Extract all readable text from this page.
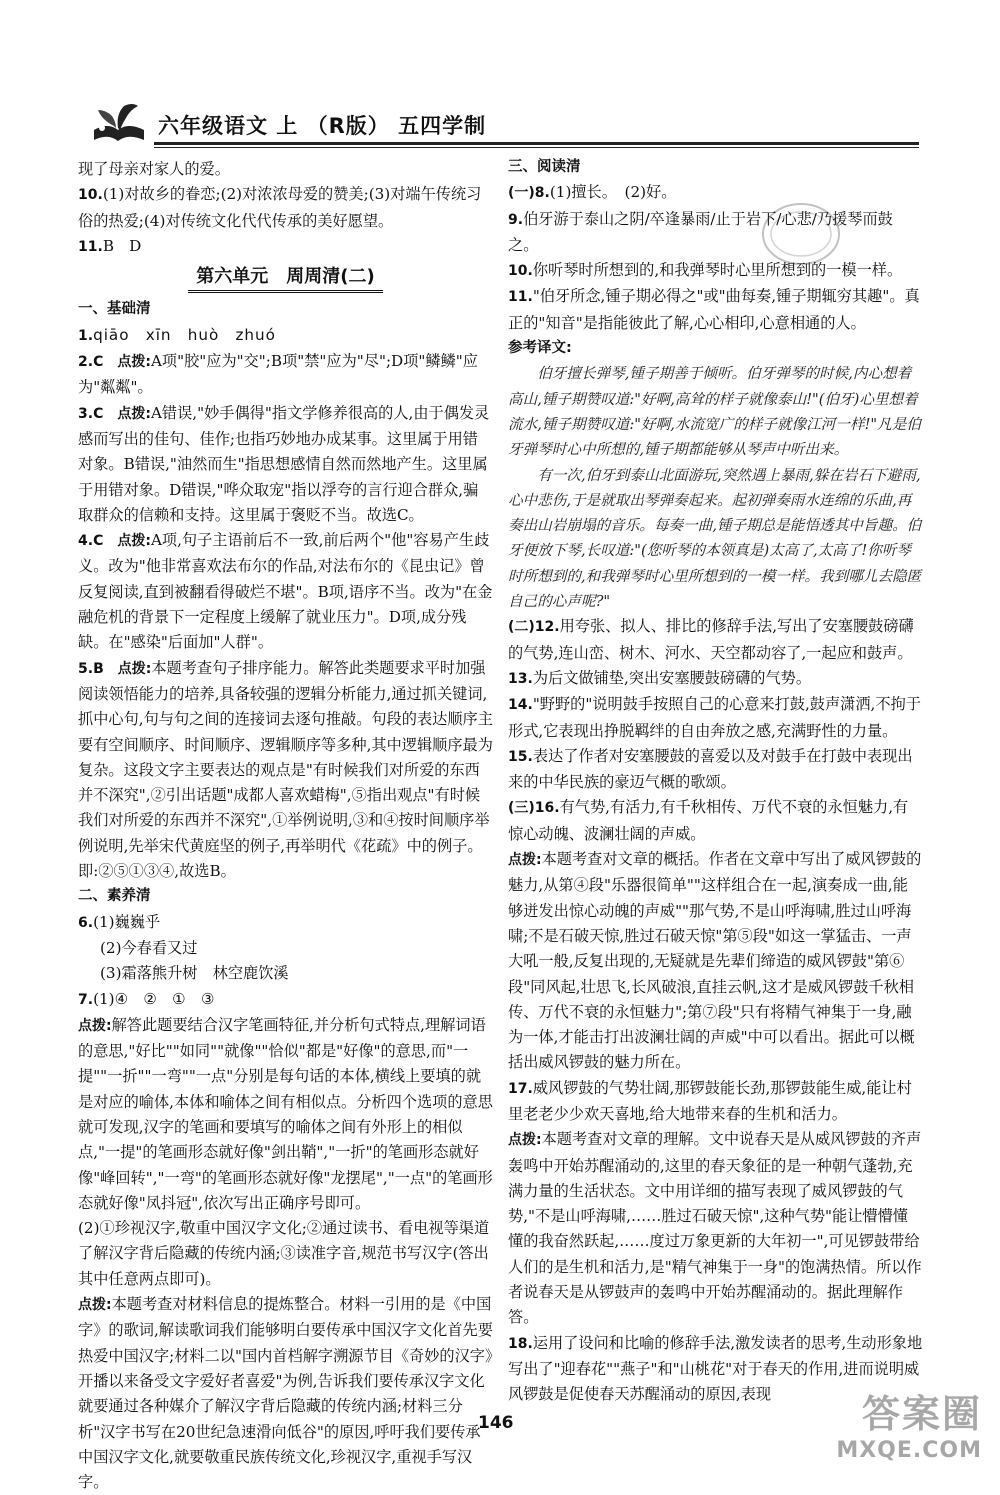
六年级语文 上 （R版） 五四学制

现了母亲对家人的爱。

10.(1)对故乡的眷恋;(2)对浓浓母爱的赞美;(3)对端午传统习俗的热爱;(4)对传统文化代代传承的美好愿望。

11.B　D

第六单元　周周清(二)

一、基础清

1.qiāo　xīn　huò　zhuó

2.C　点拨:A项"胶"应为"交";B项"禁"应为"尽";D项"鳞鳞"应为"粼粼"。

3.C　点拨:A错误,"妙手偶得"指文学修养很高的人,由于偶发灵感而写出的佳句、佳作;也指巧妙地办成某事。这里属于用错对象。B错误,"油然而生"指思想感情自然而然地产生。这里属于用错对象。D错误,"哗众取宠"指以浮夸的言行迎合群众,骗取群众的信赖和支持。这里属于褒贬不当。故选C。

4.C　点拨:A项,句子主语前后不一致,前后两个"他"容易产生歧义。改为"他非常喜欢法布尔的作品,对法布尔的《昆虫记》曾反复阅读,直到被翻看得破烂不堪"。B项,语序不当。改为"在金融危机的背景下一定程度上缓解了就业压力"。D项,成分残缺。在"感染"后面加"人群"。

5.B　点拨:本题考查句子排序能力。解答此类题要求平时加强阅读领悟能力的培养,具备较强的逻辑分析能力,通过抓关键词,抓中心句,句与句之间的连接词去逐句推敲。句段的表达顺序主要有空间顺序、时间顺序、逻辑顺序等多种,其中逻辑顺序最为复杂。这段文字主要表达的观点是"有时候我们对所爱的东西并不深究",②引出话题"成都人喜欢蜡梅",⑤指出观点"有时候我们对所爱的东西并不深究",①举例说明,③和④按时间顺序举例说明,先举宋代黄庭坚的例子,再举明代《花疏》中的例子。即:②⑤①③④,故选B。

二、素养清

6.(1)巍巍乎

(2)今春看又过

(3)霜落熊升树　林空鹿饮溪

7.(1)④　②　①　③

点拨:解答此题要结合汉字笔画特征,并分析句式特点,理解词语的意思,"好比""如同""就像""恰似"都是"好像"的意思,而"一提""一折""一弯""一点"分别是每句话的本体,横线上要填的就是对应的喻体,本体和喻体之间有相似点。分析四个选项的意思就可发现,汉字的笔画和要填写的喻体之间有外形上的相似点,"一提"的笔画形态就好像"剑出鞘","一折"的笔画形态就好像"峰回转","一弯"的笔画形态就好像"龙摆尾","一点"的笔画形态就好像"凤抖冠",依次写出正确序号即可。

(2)①珍视汉字,敬重中国汉字文化;②通过读书、看电视等渠道了解汉字背后隐藏的传统内涵;③读准字音,规范书写汉字(答出其中任意两点即可)。

点拨:本题考查对材料信息的提炼整合。材料一引用的是《中国字》的歌词,解读歌词我们能够明白要传承中国汉字文化首先要热爱中国汉字;材料二以"国内首档解字溯源节目《奇妙的汉字》开播以来备受文字爱好者喜爱"为例,告诉我们要传承汉字文化就要通过各种媒介了解汉字背后隐藏的传统内涵;材料三分析"汉字书写在20世纪急速滑向低谷"的原因,呼吁我们要传承中国汉字文化,就要敬重民族传统文化,珍视汉字,重视手写汉字。

三、阅读清

(一)8.(1)擅长。　(2)好。

9.伯牙游于泰山之阴/卒逢暴雨/止于岩下/心悲/乃援琴而鼓之。

10.你听琴时所想到的,和我弹琴时心里所想到的一模一样。

11."伯牙所念,锺子期必得之"或"曲每奏,锺子期辄穷其趣"。真正的"知音"是指能彼此了解,心心相印,心意相通的人。

参考译文:

伯牙擅长弹琴,锺子期善于倾听。伯牙弹琴的时候,内心想着高山,锺子期赞叹道:"好啊,高耸的样子就像泰山!"(伯牙)心里想着流水,锺子期赞叹道:"好啊,水流宽广的样子就像江河一样!"凡是伯牙弹琴时心中所想的,锺子期都能够从琴声中听出来。

有一次,伯牙到泰山北面游玩,突然遇上暴雨,躲在岩石下避雨,心中悲伤,于是就取出琴弹奏起来。起初弹奏雨水连绵的乐曲,再奏出山岩崩塌的音乐。每奏一曲,锺子期总是能悟透其中旨趣。伯牙便放下琴,长叹道:"(您听琴的本领真是)太高了,太高了!你听琴时所想到的,和我弹琴时心里所想到的一模一样。我到哪儿去隐匿自己的心声呢?"

(二)12.用夸张、拟人、排比的修辞手法,写出了安塞腰鼓磅礴的气势,连山峦、树木、河水、天空都动容了,一起应和鼓声。

13.为后文做铺垫,突出安塞腰鼓磅礴的气势。

14."野野的"说明鼓手按照自己的心意来打鼓,鼓声潇洒,不拘于形式,它表现出挣脱羁绊的自由奔放之感,充满野性的力量。

15.表达了作者对安塞腰鼓的喜爱以及对鼓手在打鼓中表现出来的中华民族的豪迈气概的歌颂。

(三)16.有气势,有活力,有千秋相传、万代不衰的永恒魅力,有惊心动魄、波澜壮阔的声威。

点拨:本题考查对文章的概括。作者在文章中写出了威风锣鼓的魅力,从第④段"乐器很简单""这样组合在一起,演奏成一曲,能够迸发出惊心动魄的声威""那气势,不是山呼海啸,胜过山呼海啸;不是石破天惊,胜过石破天惊"第⑤段"如这一掌猛击、一声大吼一般,反复出现的,无疑就是先辈们缔造的威风锣鼓"第⑥段"同风起,壮思飞,长风破浪,直挂云帆,这才是威风锣鼓千秋相传、万代不衰的永恒魅力";第⑦段"只有将精气神集于一身,融为一体,才能击打出波澜壮阔的声威"中可以看出。据此可以概括出威风锣鼓的魅力所在。

17.威风锣鼓的气势壮阔,那锣鼓能长劲,那锣鼓能生威,能让村里老老少少欢天喜地,给大地带来春的生机和活力。

点拨:本题考查对文章的理解。文中说春天是从威风锣鼓的齐声轰鸣中开始苏醒涌动的,这里的春天象征的是一种朝气蓬勃,充满力量的生活状态。文中用详细的描写表现了威风锣鼓的气势,"不是山呼海啸,……胜过石破天惊",这种气势"能让懵懵懂懂的我奋然跃起,……度过万象更新的大年初一",可见锣鼓带给人们的是生机和活力,是"精气神集于一身"的饱满热情。所以作者说春天是从锣鼓声的轰鸣中开始苏醒涌动的。据此理解作答。

18.运用了设问和比喻的修辞手法,激发读者的思考,生动形象地写出了"迎春花""燕子"和"山桃花"对于春天的作用,进而说明威风锣鼓是促使春天苏醒涌动的原因,表现

146	答案圈
MXQE.COM
